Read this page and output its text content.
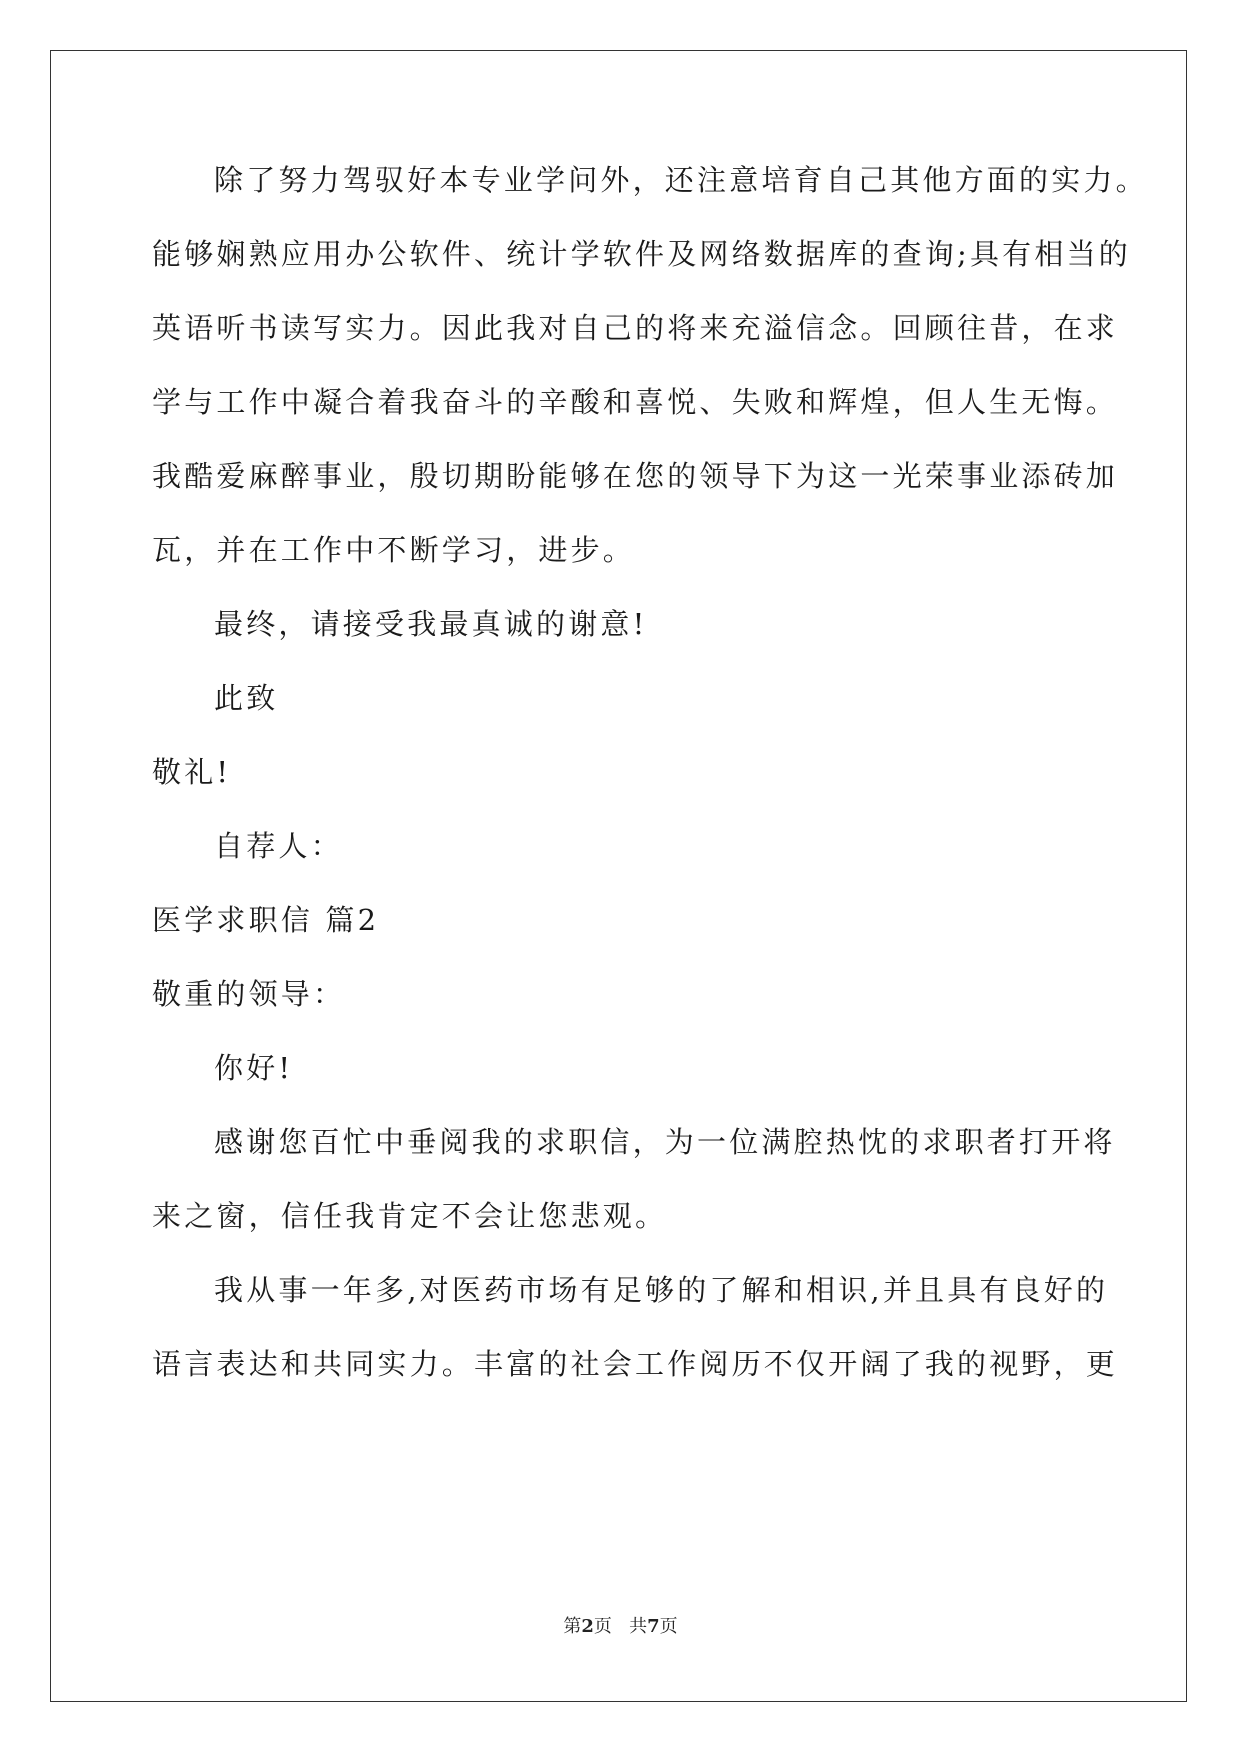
除了努力驾驭好本专业学问外，还注意培育自己其他方面的实力。
能够娴熟应用办公软件、统计学软件及网络数据库的查询;具有相当的
英语听书读写实力。因此我对自己的将来充溢信念。回顾往昔，在求
学与工作中凝合着我奋斗的辛酸和喜悦、失败和辉煌，但人生无悔。
我酷爱麻醉事业，殷切期盼能够在您的领导下为这一光荣事业添砖加
瓦，并在工作中不断学习，进步。
最终，请接受我最真诚的谢意!
此致
敬礼!
自荐人：
医学求职信 篇2
敬重的领导：
你好!
感谢您百忙中垂阅我的求职信，为一位满腔热忱的求职者打开将
来之窗，信任我肯定不会让您悲观。
我从事一年多,对医药市场有足够的了解和相识,并且具有良好的
语言表达和共同实力。丰富的社会工作阅历不仅开阔了我的视野，更
第2页 共7页
